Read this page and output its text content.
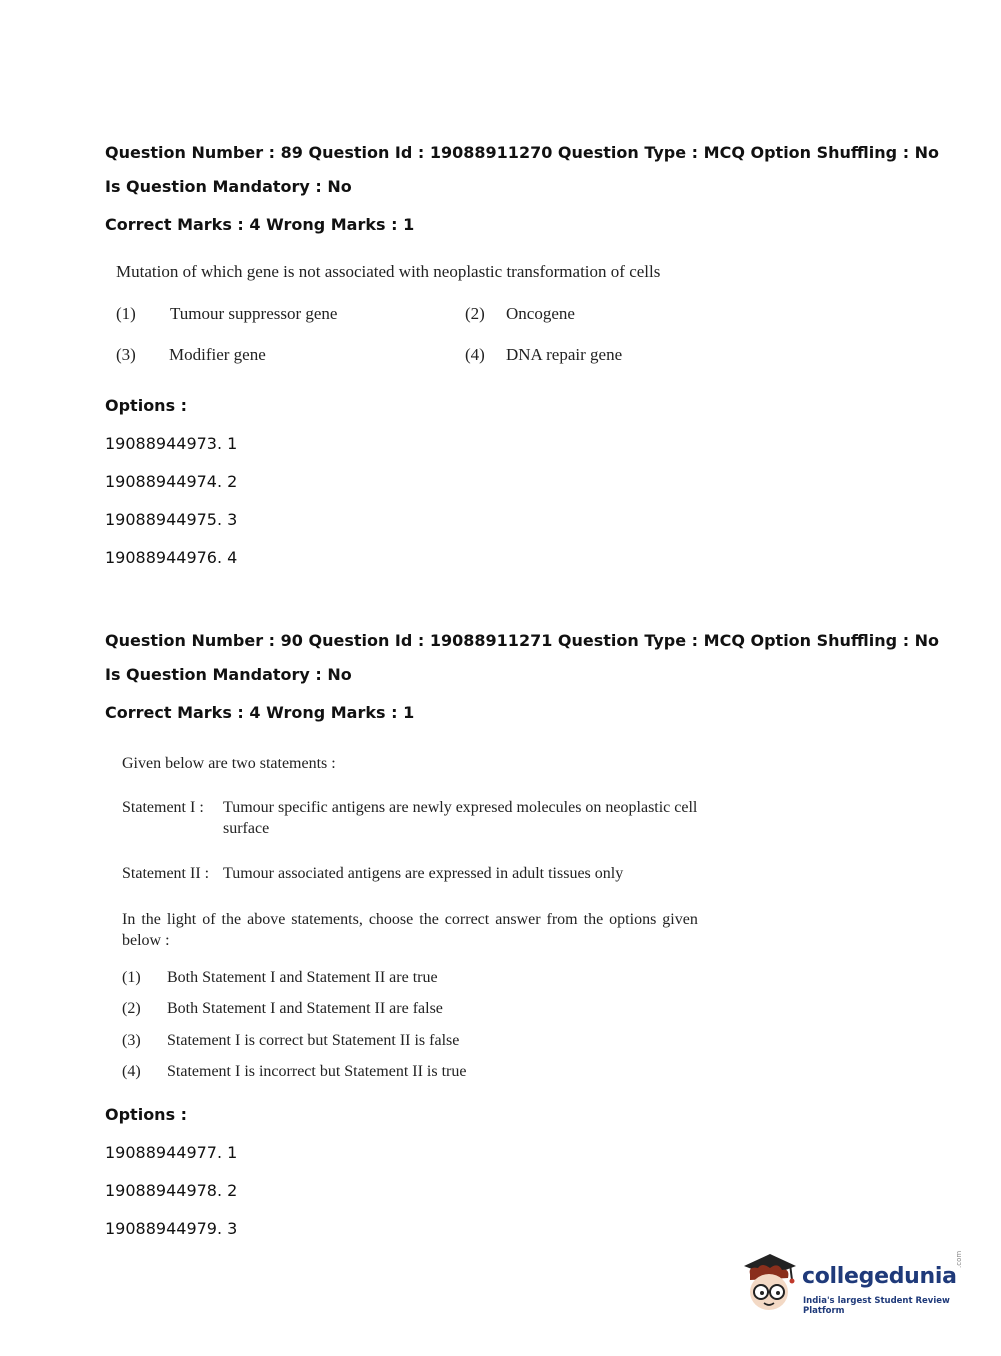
Question Number : 89 Question Id : 19088911270 Question Type : MCQ Option Shuffling : No
Is Question Mandatory : No
Correct Marks : 4 Wrong Marks : 1
Mutation of which gene is not associated with neoplastic transformation of cells
(1) Tumour suppressor gene	(2) Oncogene
(3) Modifier gene	(4) DNA repair gene
Options :
19088944973. 1
19088944974. 2
19088944975. 3
19088944976. 4
Question Number : 90 Question Id : 19088911271 Question Type : MCQ Option Shuffling : No
Is Question Mandatory : No
Correct Marks : 4 Wrong Marks : 1
Given below are two statements :
Statement I : Tumour specific antigens are newly expresed molecules on neoplastic cell
surface
Statement II : Tumour associated antigens are expressed in adult tissues only
In the light of the above statements, choose the correct answer from the options given
below :
(1) Both Statement I and Statement II are true
(2) Both Statement I and Statement II are false
(3) Statement I is correct but Statement II is false
(4) Statement I is incorrect but Statement II is true
Options :
19088944977. 1
19088944978. 2
19088944979. 3
collegedunia
.com
India's largest Student Review Platform
